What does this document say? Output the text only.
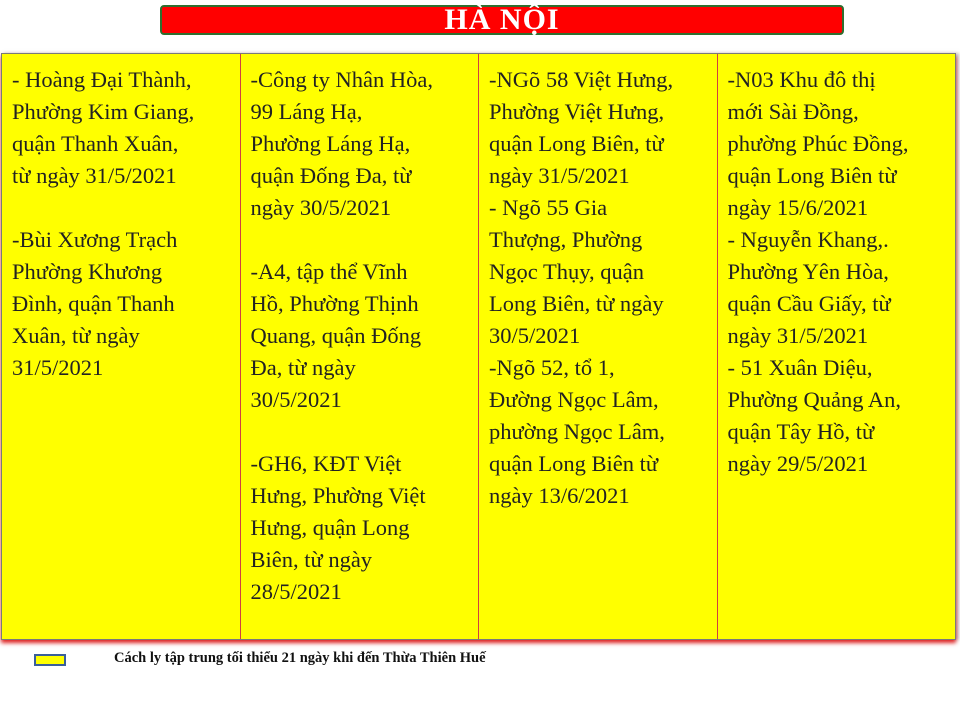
HÀ NỘI

- Hoàng Đại Thành,
Phường Kim Giang,
quận Thanh Xuân,
từ ngày 31/5/2021

-Bùi Xương Trạch
Phường Khương
Đình, quận Thanh
Xuân, từ ngày
31/5/2021

-Công ty Nhân Hòa,
99 Láng Hạ,
Phường Láng Hạ,
quận Đống Đa, từ
ngày 30/5/2021

-A4, tập thể Vĩnh
Hồ, Phường Thịnh
Quang, quận Đống
Đa, từ ngày
30/5/2021

-GH6, KĐT Việt
Hưng, Phường Việt
Hưng, quận Long
Biên, từ ngày
28/5/2021

-NGõ 58 Việt Hưng,
Phường Việt Hưng,
quận Long Biên, từ
ngày 31/5/2021
- Ngõ 55 Gia
Thượng, Phường
Ngọc Thụy, quận
Long Biên, từ ngày
30/5/2021
-Ngõ 52, tổ 1,
Đường Ngọc Lâm,
phường Ngọc Lâm,
quận Long Biên từ
ngày 13/6/2021

-N03 Khu đô thị
mới Sài Đồng,
phường Phúc Đồng,
quận Long Biên từ
ngày 15/6/2021
- Nguyễn Khang,.
Phường Yên Hòa,
quận Cầu Giấy, từ
ngày 31/5/2021
- 51 Xuân Diệu,
Phường Quảng An,
quận Tây Hồ, từ
ngày 29/5/2021

Cách ly tập trung tối thiểu 21 ngày khi đến Thừa Thiên Huế
